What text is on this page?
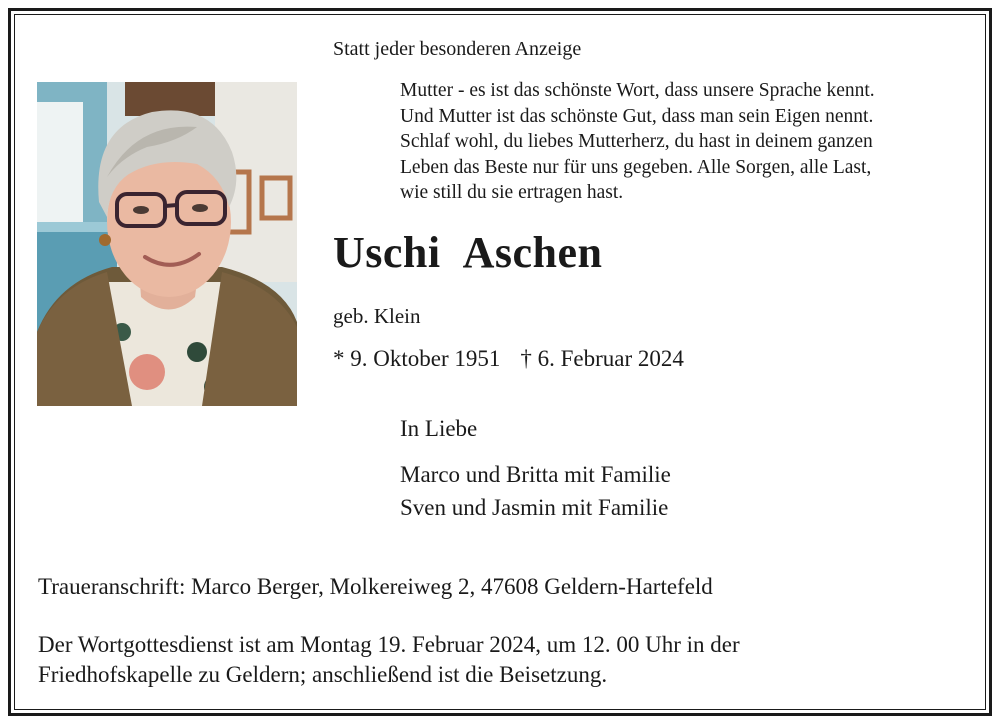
Statt jeder besonderen Anzeige
Mutter - es ist das schönste Wort, dass unsere Sprache kennt.
Und Mutter ist das schönste Gut, dass man sein Eigen nennt.
Schlaf wohl, du liebes Mutterherz, du hast in deinem ganzen
Leben das Beste nur für uns gegeben. Alle Sorgen, alle Last,
wie still du sie ertragen hast.
Uschi Aschen
geb. Klein
* 9. Oktober 1951 † 6. Februar 2024
In Liebe
Marco und Britta mit Familie
Sven und Jasmin mit Familie
Traueranschrift: Marco Berger, Molkereiweg 2, 47608 Geldern-Hartefeld
Der Wortgottesdienst ist am Montag 19. Februar 2024, um 12. 00 Uhr in der
Friedhofskapelle zu Geldern; anschließend ist die Beisetzung.
